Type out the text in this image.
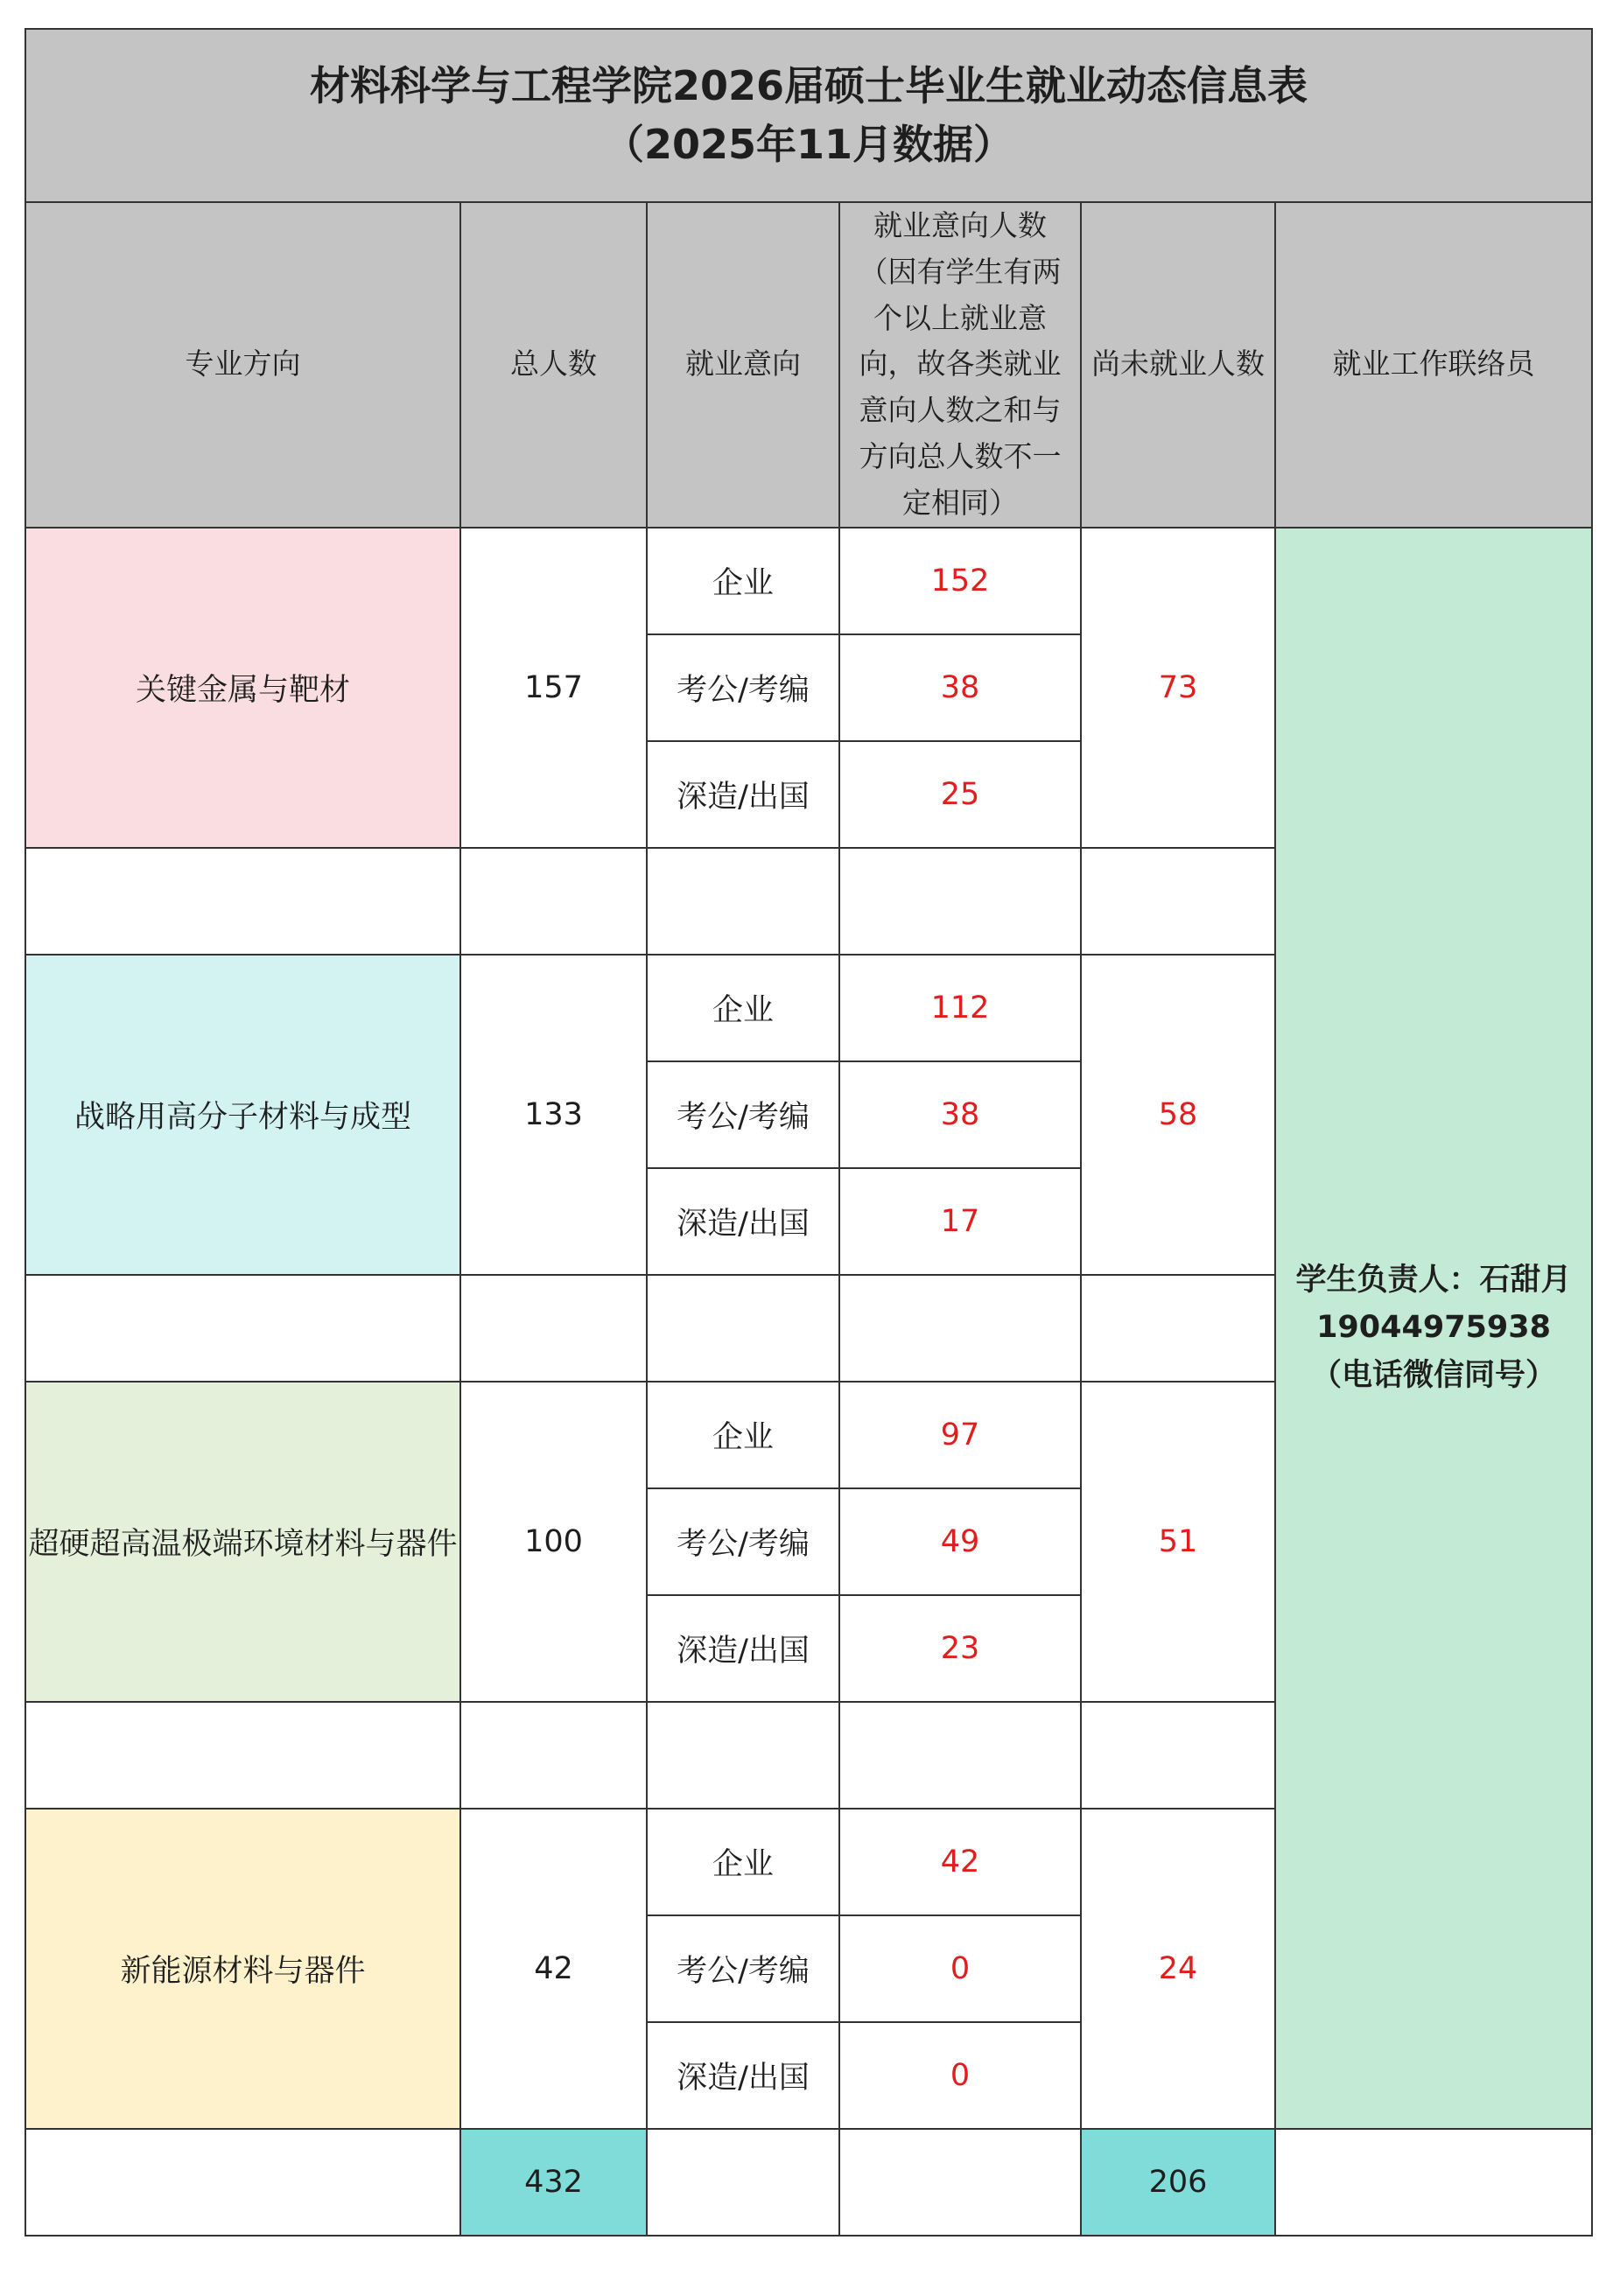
材料科学与工程学院2026届硕士毕业生就业动态信息表
（2025年11月数据）					

专业方向	总人数	就业意向	就业意向人数（因有学生有两个以上就业意向，故各类就业意向人数之和与方向总人数不一定相同）	尚未就业人数	就业工作联络员
关键金属与靶材	157	企业	152	73	学生负责人：石甜月
19044975938
（电话微信同号）

		考公/考编	38		
		深造/出国	25		

战略用高分子材料与成型	133	企业	112	58	
		考公/考编	38		
		深造/出国	17		

超硬超高温极端环境材料与器件	100	企业	97	51	
		考公/考编	49		
		深造/出国	23		

新能源材料与器件	42	企业	42	24	
		考公/考编	0		
		深造/出国	0		
	432			206	
